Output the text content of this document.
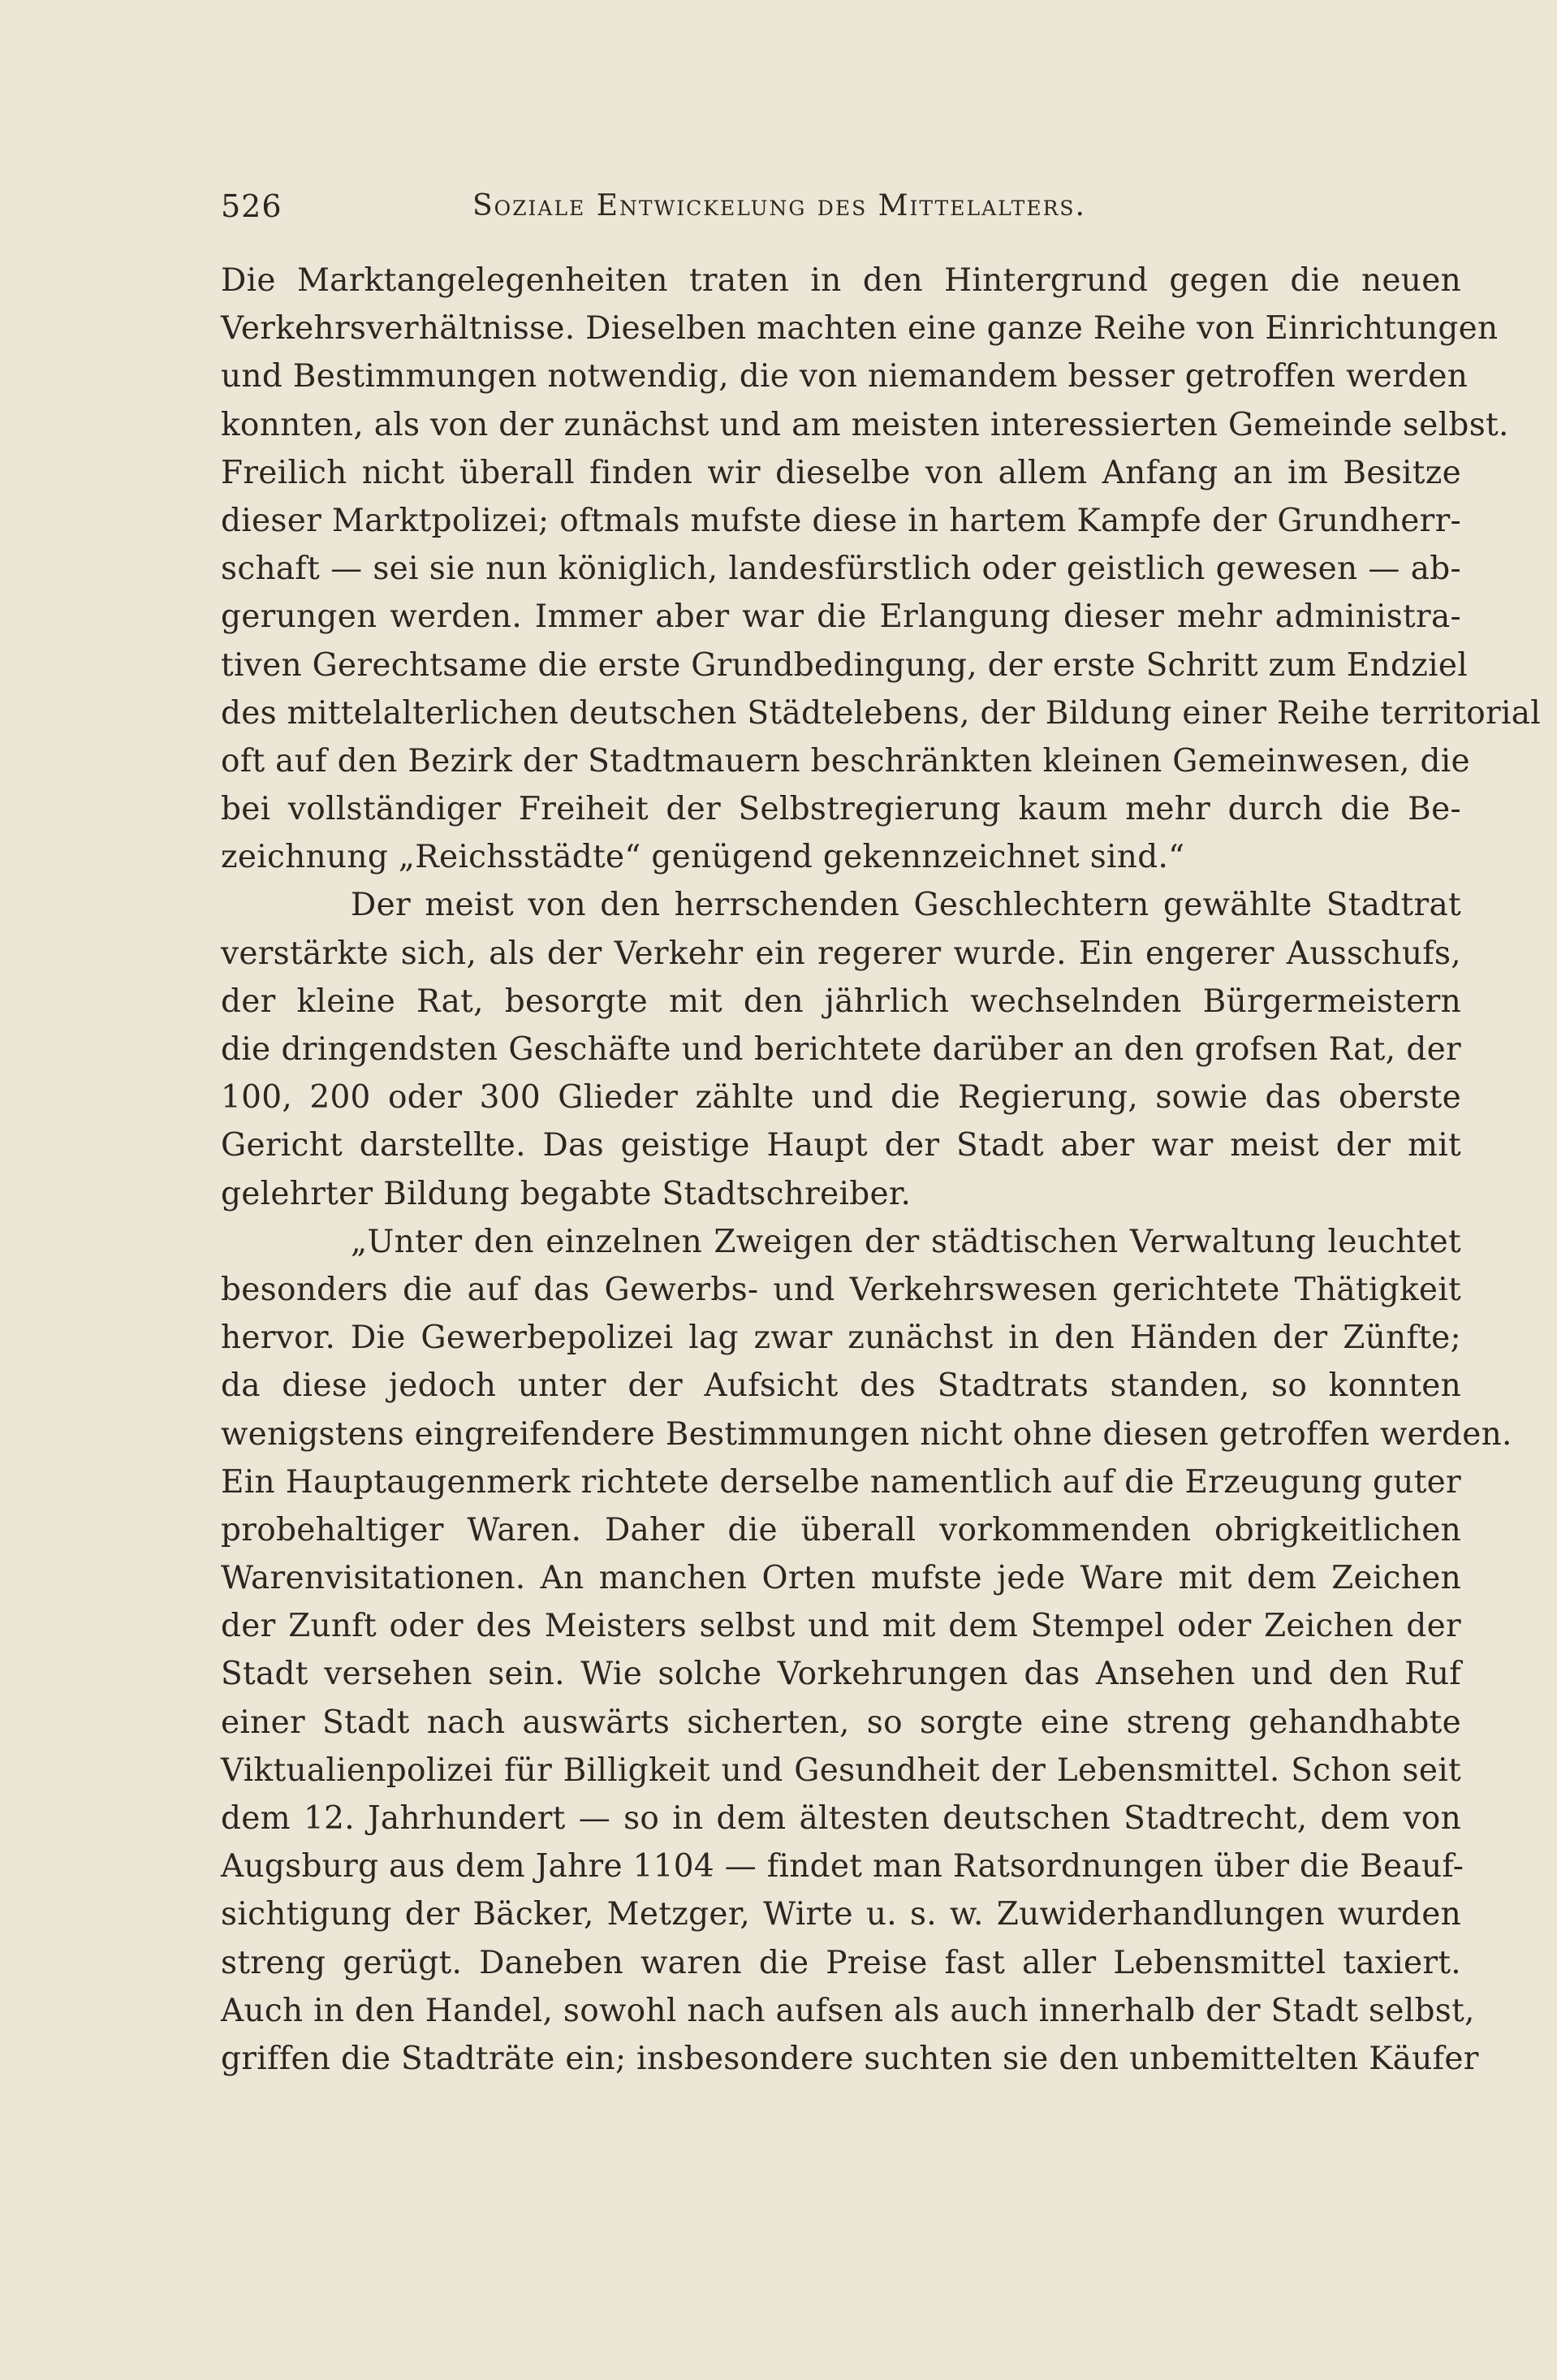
526	Soziale Entwickelung des Mittelalters.
Die Marktangelegenheiten traten in den Hintergrund gegen die neuen
Verkehrsverhältnisse. Dieselben machten eine ganze Reihe von Einrichtungen
und Bestimmungen notwendig, die von niemandem besser getroffen werden
konnten, als von der zunächst und am meisten interessierten Gemeinde selbst.
Freilich nicht überall finden wir dieselbe von allem Anfang an im Besitze
dieser Marktpolizei; oftmals mufste diese in hartem Kampfe der Grundherr-
schaft — sei sie nun königlich, landesfürstlich oder geistlich gewesen — ab-
gerungen werden. Immer aber war die Erlangung dieser mehr administra-
tiven Gerechtsame die erste Grundbedingung, der erste Schritt zum Endziel
des mittelalterlichen deutschen Städtelebens, der Bildung einer Reihe territorial
oft auf den Bezirk der Stadtmauern beschränkten kleinen Gemeinwesen, die
bei vollständiger Freiheit der Selbstregierung kaum mehr durch die Be-
zeichnung „Reichsstädte“ genügend gekennzeichnet sind.“
Der meist von den herrschenden Geschlechtern gewählte Stadtrat
verstärkte sich, als der Verkehr ein regerer wurde. Ein engerer Ausschufs,
der kleine Rat, besorgte mit den jährlich wechselnden Bürgermeistern
die dringendsten Geschäfte und berichtete darüber an den grofsen Rat, der
100, 200 oder 300 Glieder zählte und die Regierung, sowie das oberste
Gericht darstellte. Das geistige Haupt der Stadt aber war meist der mit
gelehrter Bildung begabte Stadtschreiber.
„Unter den einzelnen Zweigen der städtischen Verwaltung leuchtet
besonders die auf das Gewerbs- und Verkehrswesen gerichtete Thätigkeit
hervor. Die Gewerbepolizei lag zwar zunächst in den Händen der Zünfte;
da diese jedoch unter der Aufsicht des Stadtrats standen, so konnten
wenigstens eingreifendere Bestimmungen nicht ohne diesen getroffen werden.
Ein Hauptaugenmerk richtete derselbe namentlich auf die Erzeugung guter
probehaltiger Waren. Daher die überall vorkommenden obrigkeitlichen
Warenvisitationen. An manchen Orten mufste jede Ware mit dem Zeichen
der Zunft oder des Meisters selbst und mit dem Stempel oder Zeichen der
Stadt versehen sein. Wie solche Vorkehrungen das Ansehen und den Ruf
einer Stadt nach auswärts sicherten, so sorgte eine streng gehandhabte
Viktualienpolizei für Billigkeit und Gesundheit der Lebensmittel. Schon seit
dem 12. Jahrhundert — so in dem ältesten deutschen Stadtrecht, dem von
Augsburg aus dem Jahre 1104 — findet man Ratsordnungen über die Beauf-
sichtigung der Bäcker, Metzger, Wirte u. s. w. Zuwiderhandlungen wurden
streng gerügt. Daneben waren die Preise fast aller Lebensmittel taxiert.
Auch in den Handel, sowohl nach aufsen als auch innerhalb der Stadt selbst,
griffen die Stadträte ein; insbesondere suchten sie den unbemittelten Käufer
